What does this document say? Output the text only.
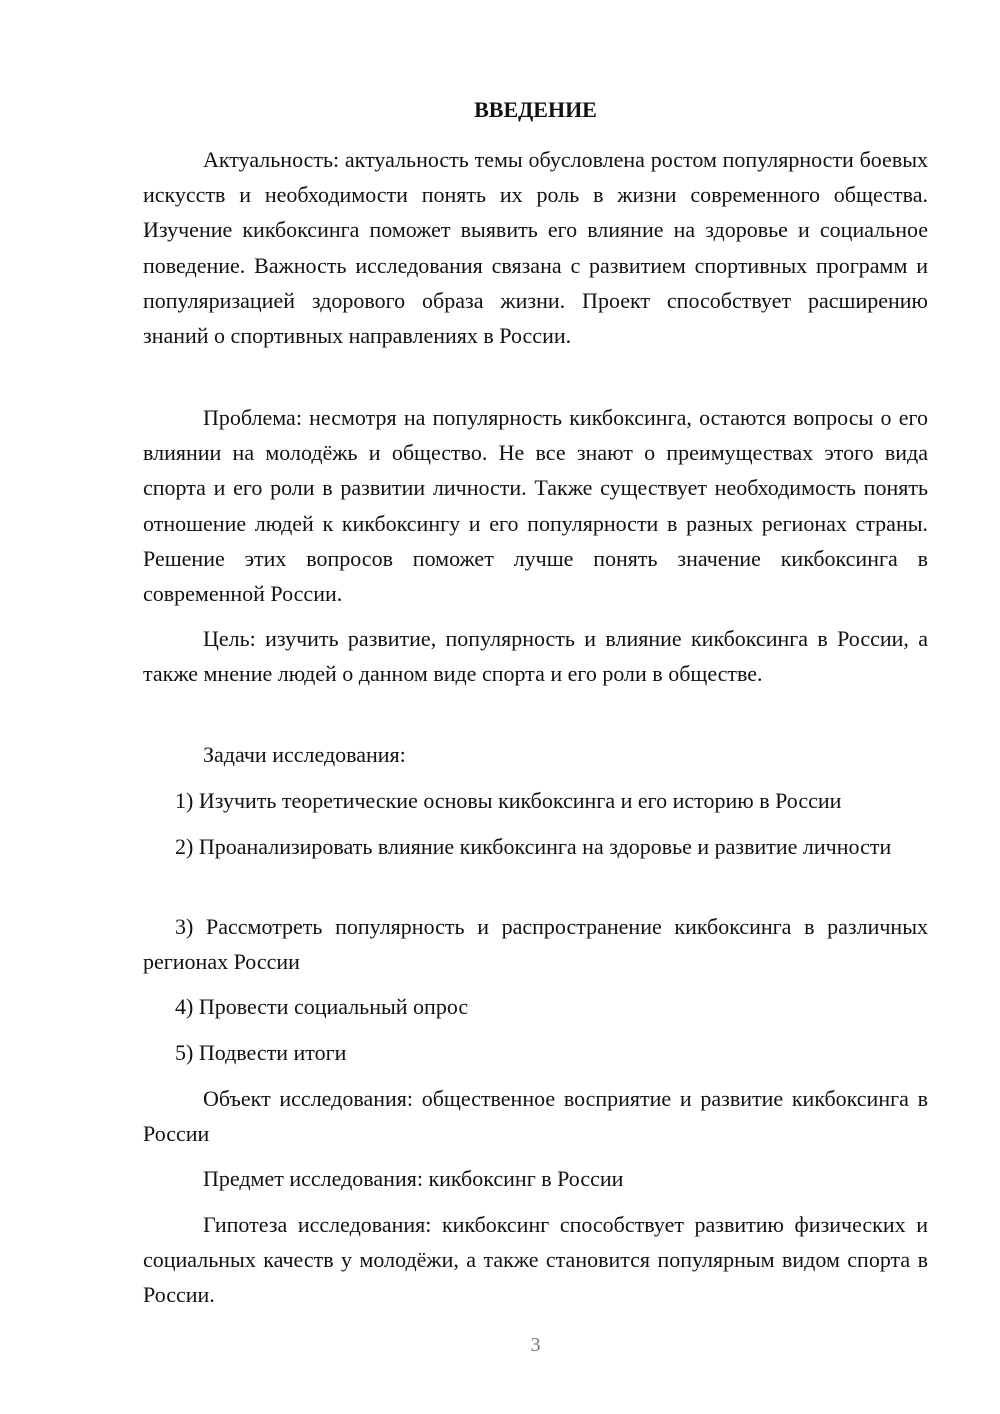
ВВЕДЕНИЕ

Актуальность: актуальность темы обусловлена ростом популярности боевых искусств и необходимости понять их роль в жизни современного общества. Изучение кикбоксинга поможет выявить его влияние на здоровье и социальное поведение. Важность исследования связана с развитием спортивных программ и популяризацией здорового образа жизни. Проект способствует расширению знаний о спортивных направлениях в России.

Проблема: несмотря на популярность кикбоксинга, остаются вопросы о его влиянии на молодёжь и общество. Не все знают о преимуществах этого вида спорта и его роли в развитии личности. Также существует необходимость понять отношение людей к кикбоксингу и его популярности в разных регионах страны. Решение этих вопросов поможет лучше понять значение кикбоксинга в современной России.

Цель: изучить развитие, популярность и влияние кикбоксинга в России, а также мнение людей о данном виде спорта и его роли в обществе.

Задачи исследования:

1) Изучить теоретические основы кикбоксинга и его историю в России

2) Проанализировать влияние кикбоксинга на здоровье и развитие личности

3) Рассмотреть популярность и распространение кикбоксинга в различных регионах России

4) Провести социальный опрос

5) Подвести итоги

Объект исследования: общественное восприятие и развитие кикбоксинга в России

Предмет исследования: кикбоксинг в России

Гипотеза исследования: кикбоксинг способствует развитию физических и социальных качеств у молодёжи, а также становится популярным видом спорта в России.

3
